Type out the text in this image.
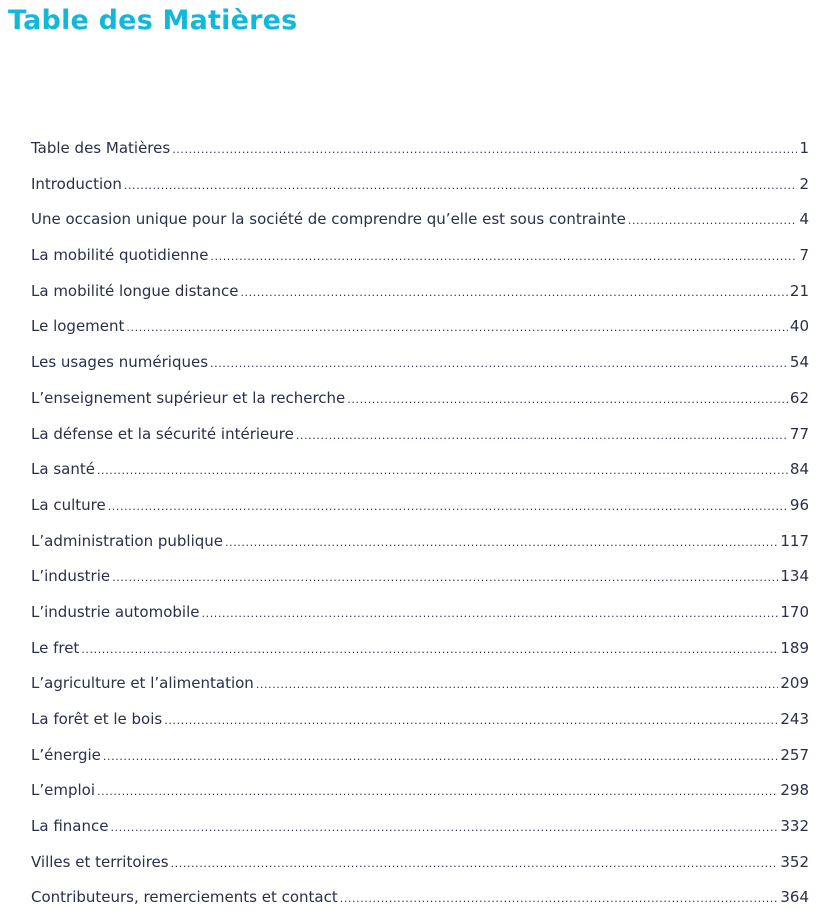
Table des Matières
Table des Matières .....	1
Introduction .....	2
Une occasion unique pour la société de comprendre qu’elle est sous contrainte .....	4
La mobilité quotidienne .....	7
La mobilité longue distance .....	21
Le logement .....	40
Les usages numériques .....	54
L’enseignement supérieur et la recherche .....	62
La défense et la sécurité intérieure .....	77
La santé .....	84
La culture .....	96
L’administration publique .....	117
L’industrie .....	134
L’industrie automobile .....	170
Le fret .....	189
L’agriculture et l’alimentation .....	209
La forêt et le bois .....	243
L’énergie .....	257
L’emploi .....	298
La finance .....	332
Villes et territoires .....	352
Contributeurs, remerciements et contact .....	364
